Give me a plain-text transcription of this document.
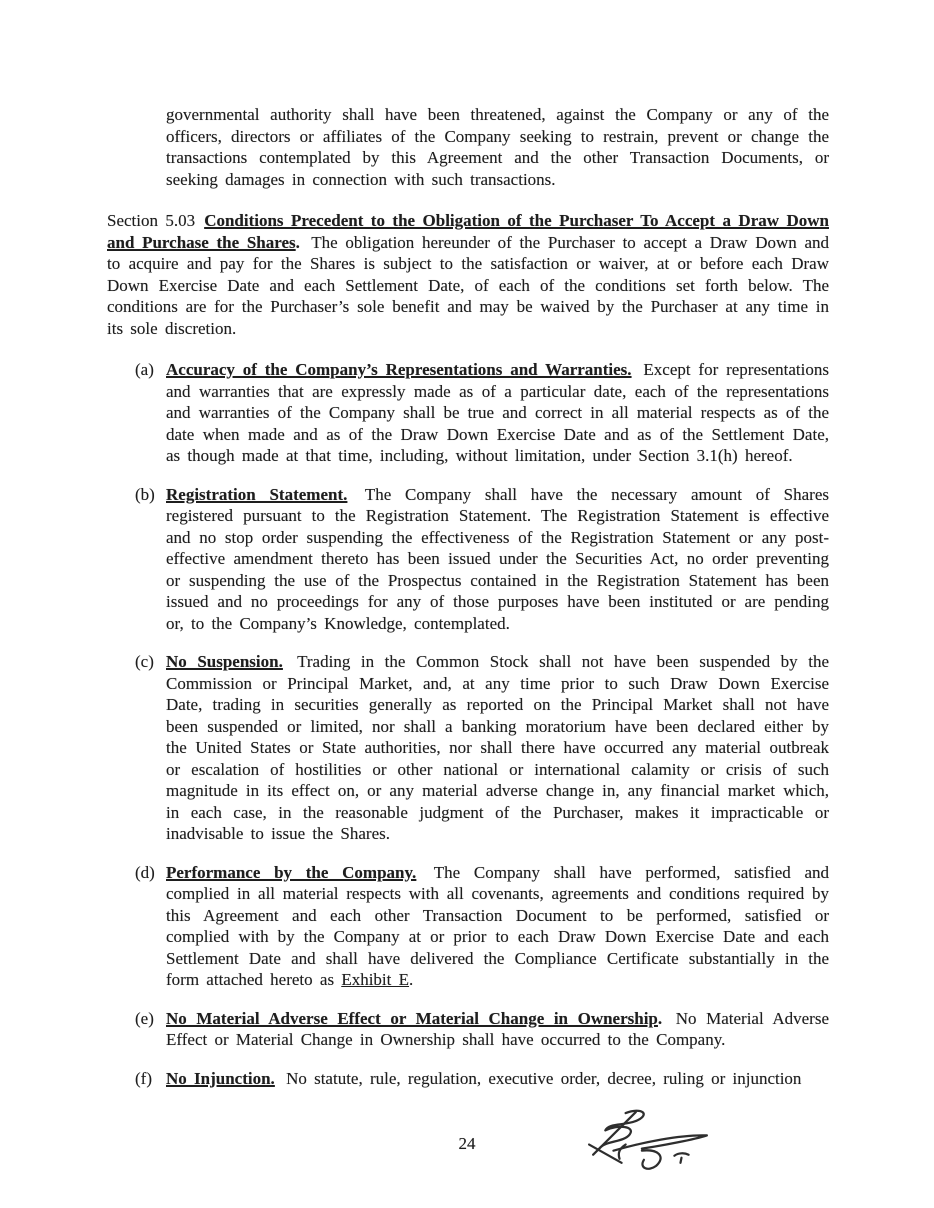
governmental authority shall have been threatened, against the Company or any of the officers, directors or affiliates of the Company seeking to restrain, prevent or change the transactions contemplated by this Agreement and the other Transaction Documents, or seeking damages in connection with such transactions.

Section 5.03 Conditions Precedent to the Obligation of the Purchaser To Accept a Draw Down and Purchase the Shares. The obligation hereunder of the Purchaser to accept a Draw Down and to acquire and pay for the Shares is subject to the satisfaction or waiver, at or before each Draw Down Exercise Date and each Settlement Date, of each of the conditions set forth below. The conditions are for the Purchaser’s sole benefit and may be waived by the Purchaser at any time in its sole discretion.

(a) Accuracy of the Company’s Representations and Warranties. Except for representations and warranties that are expressly made as of a particular date, each of the representations and warranties of the Company shall be true and correct in all material respects as of the date when made and as of the Draw Down Exercise Date and as of the Settlement Date, as though made at that time, including, without limitation, under Section 3.1(h) hereof.
(b) Registration Statement. The Company shall have the necessary amount of Shares registered pursuant to the Registration Statement. The Registration Statement is effective and no stop order suspending the effectiveness of the Registration Statement or any post-effective amendment thereto has been issued under the Securities Act, no order preventing or suspending the use of the Prospectus contained in the Registration Statement has been issued and no proceedings for any of those purposes have been instituted or are pending or, to the Company’s Knowledge, contemplated.
(c) No Suspension. Trading in the Common Stock shall not have been suspended by the Commission or Principal Market, and, at any time prior to such Draw Down Exercise Date, trading in securities generally as reported on the Principal Market shall not have been suspended or limited, nor shall a banking moratorium have been declared either by the United States or State authorities, nor shall there have occurred any material outbreak or escalation of hostilities or other national or international calamity or crisis of such magnitude in its effect on, or any material adverse change in, any financial market which, in each case, in the reasonable judgment of the Purchaser, makes it impracticable or inadvisable to issue the Shares.
(d) Performance by the Company. The Company shall have performed, satisfied and complied in all material respects with all covenants, agreements and conditions required by this Agreement and each other Transaction Document to be performed, satisfied or complied with by the Company at or prior to each Draw Down Exercise Date and each Settlement Date and shall have delivered the Compliance Certificate substantially in the form attached hereto as Exhibit E.
(e) No Material Adverse Effect or Material Change in Ownership. No Material Adverse Effect or Material Change in Ownership shall have occurred to the Company.
(f) No Injunction. No statute, rule, regulation, executive order, decree, ruling or injunction
24
